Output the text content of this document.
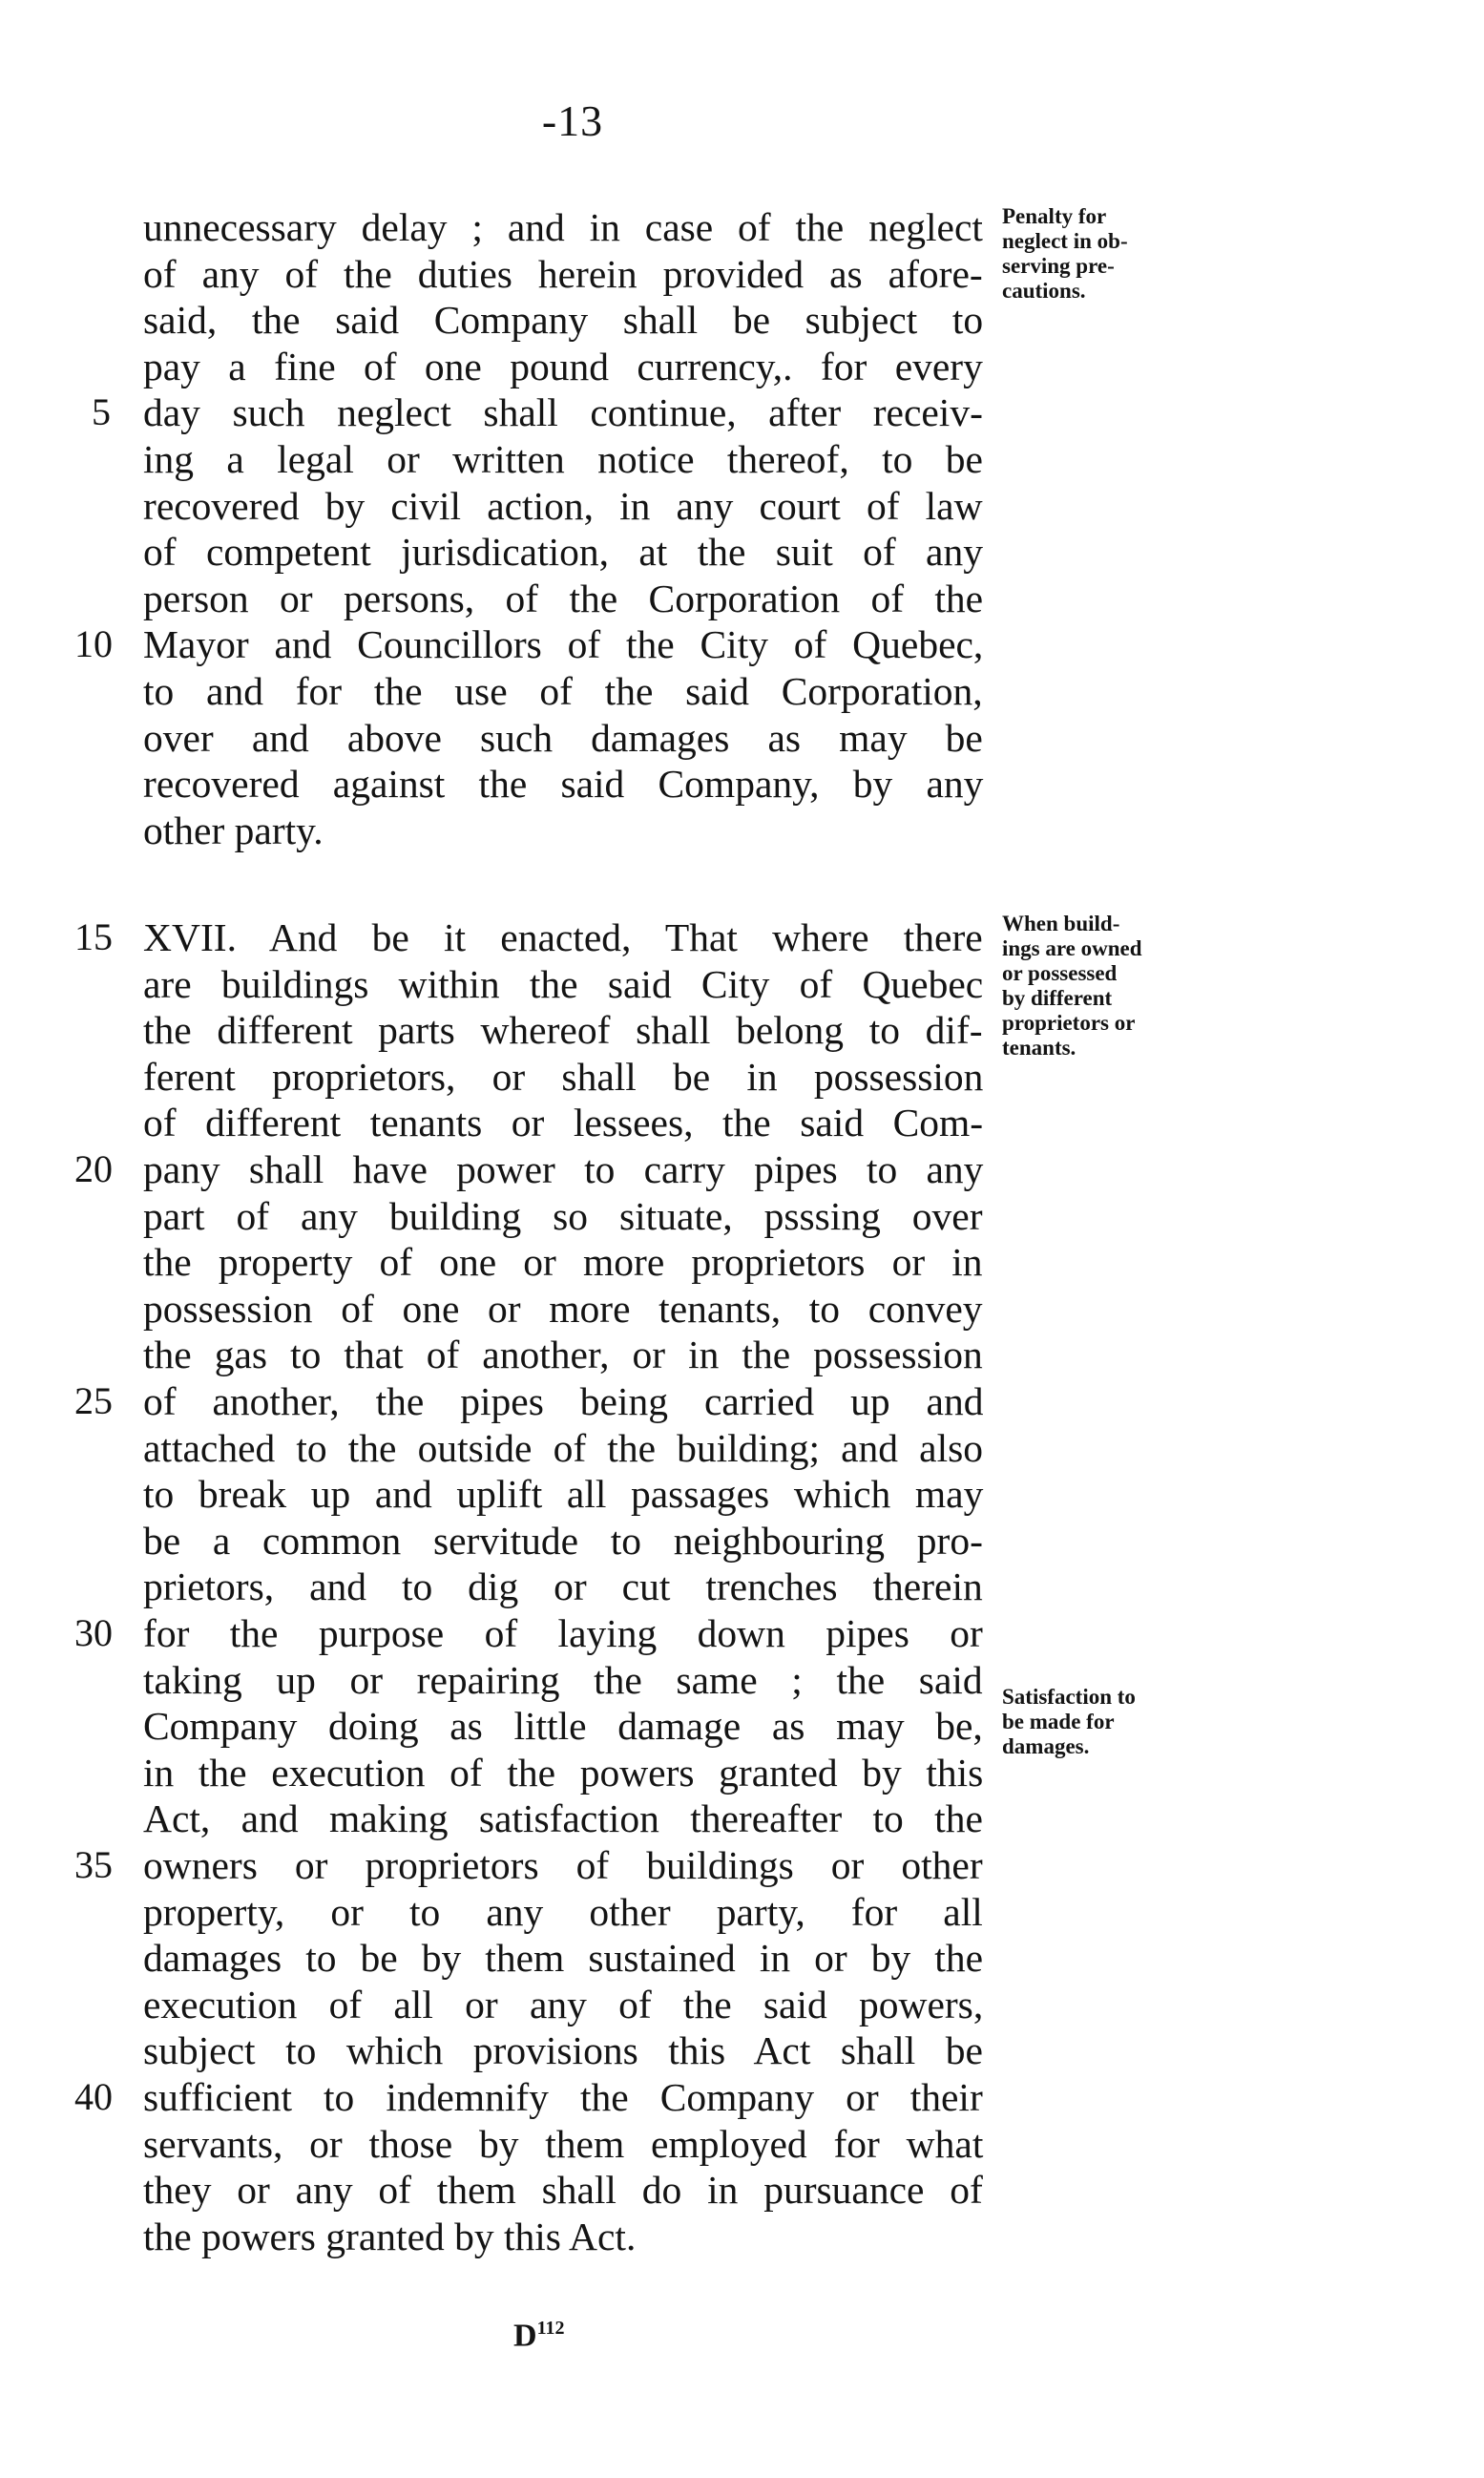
-13
unnecessary delay ; and in case of the neglect
of any of the duties herein provided as afore-
said, the said Company shall be subject to
pay a fine of one pound currency,. for every
day such neglect shall continue, after receiv-
ing a legal or written notice thereof, to be
recovered by civil action, in any court of law
of competent jurisdication, at the suit of any
person or persons, of the Corporation of the
Mayor and Councillors of the City of Quebec,
to and for the use of the said Corporation,
over and above such damages as may be
recovered against the said Company, by any
other party.
XVII. And be it enacted, That where there
are buildings within the said City of Quebec
the different parts whereof shall belong to dif-
ferent proprietors, or shall be in possession
of different tenants or lessees, the said Com-
pany shall have power to carry pipes to any
part of any building so situate, psssing over
the property of one or more proprietors or in
possession of one or more tenants, to convey
the gas to that of another, or in the possession
of another, the pipes being carried up and
attached to the outside of the building; and also
to break up and uplift all passages which may
be a common servitude to neighbouring pro-
prietors, and to dig or cut trenches therein
for the purpose of laying down pipes or
taking up or repairing the same ; the said
Company doing as little damage as may be,
in the execution of the powers granted by this
Act, and making satisfaction thereafter to the
owners or proprietors of buildings or other
property, or to any other party, for all
damages to be by them sustained in or by the
execution of all or any of the said powers,
subject to which provisions this Act shall be
sufficient to indemnify the Company or their
servants, or those by them employed for what
they or any of them shall do in pursuance of
the powers granted by this Act.
5
10
15
20
25
30
35
40
Penalty for
neglect in ob-
serving pre-
cautions.
When build-
ings are owned
or possessed
by different
proprietors or
tenants.
Satisfaction to
be made for
damages.
$D^{112}$
